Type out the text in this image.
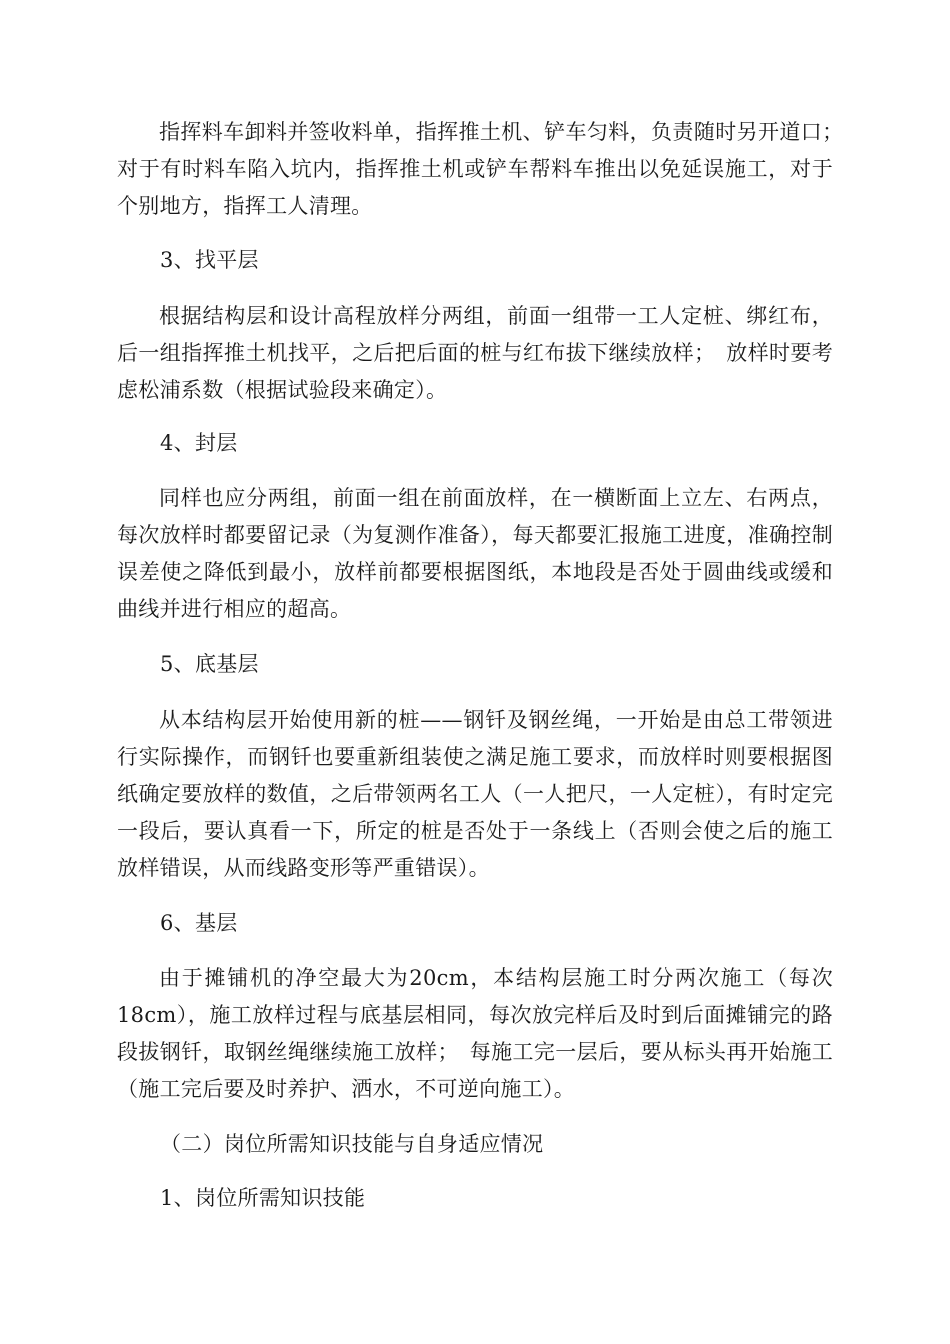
指挥料车卸料并签收料单，指挥推土机、铲车匀料，负责随时另开道口；　对于有时料车陷入坑内，指挥推土机或铲车帮料车推出以免延误施工，对于个别地方，指挥工人清理。

3、找平层

根据结构层和设计高程放样分两组，前面一组带一工人定桩、绑红布，后一组指挥推土机找平，之后把后面的桩与红布拔下继续放样；　放样时要考虑松浦系数（根据试验段来确定）。

4、封层

同样也应分两组，前面一组在前面放样，在一横断面上立左、右两点，每次放样时都要留记录（为复测作准备），每天都要汇报施工进度，准确控制误差使之降低到最小，放样前都要根据图纸，本地段是否处于圆曲线或缓和曲线并进行相应的超高。

5、底基层

从本结构层开始使用新的桩——钢钎及钢丝绳，一开始是由总工带领进行实际操作，而钢钎也要重新组装使之满足施工要求，而放样时则要根据图纸确定要放样的数值，之后带领两名工人（一人把尺，一人定桩），有时定完一段后，要认真看一下，所定的桩是否处于一条线上（否则会使之后的施工放样错误，从而线路变形等严重错误）。

6、基层

由于摊铺机的净空最大为20cm，本结构层施工时分两次施工（每次18cm），施工放样过程与底基层相同，每次放完样后及时到后面摊铺完的路段拔钢钎，取钢丝绳继续施工放样；　每施工完一层后，要从标头再开始施工（施工完后要及时养护、洒水，不可逆向施工）。

（二）岗位所需知识技能与自身适应情况

1、岗位所需知识技能
